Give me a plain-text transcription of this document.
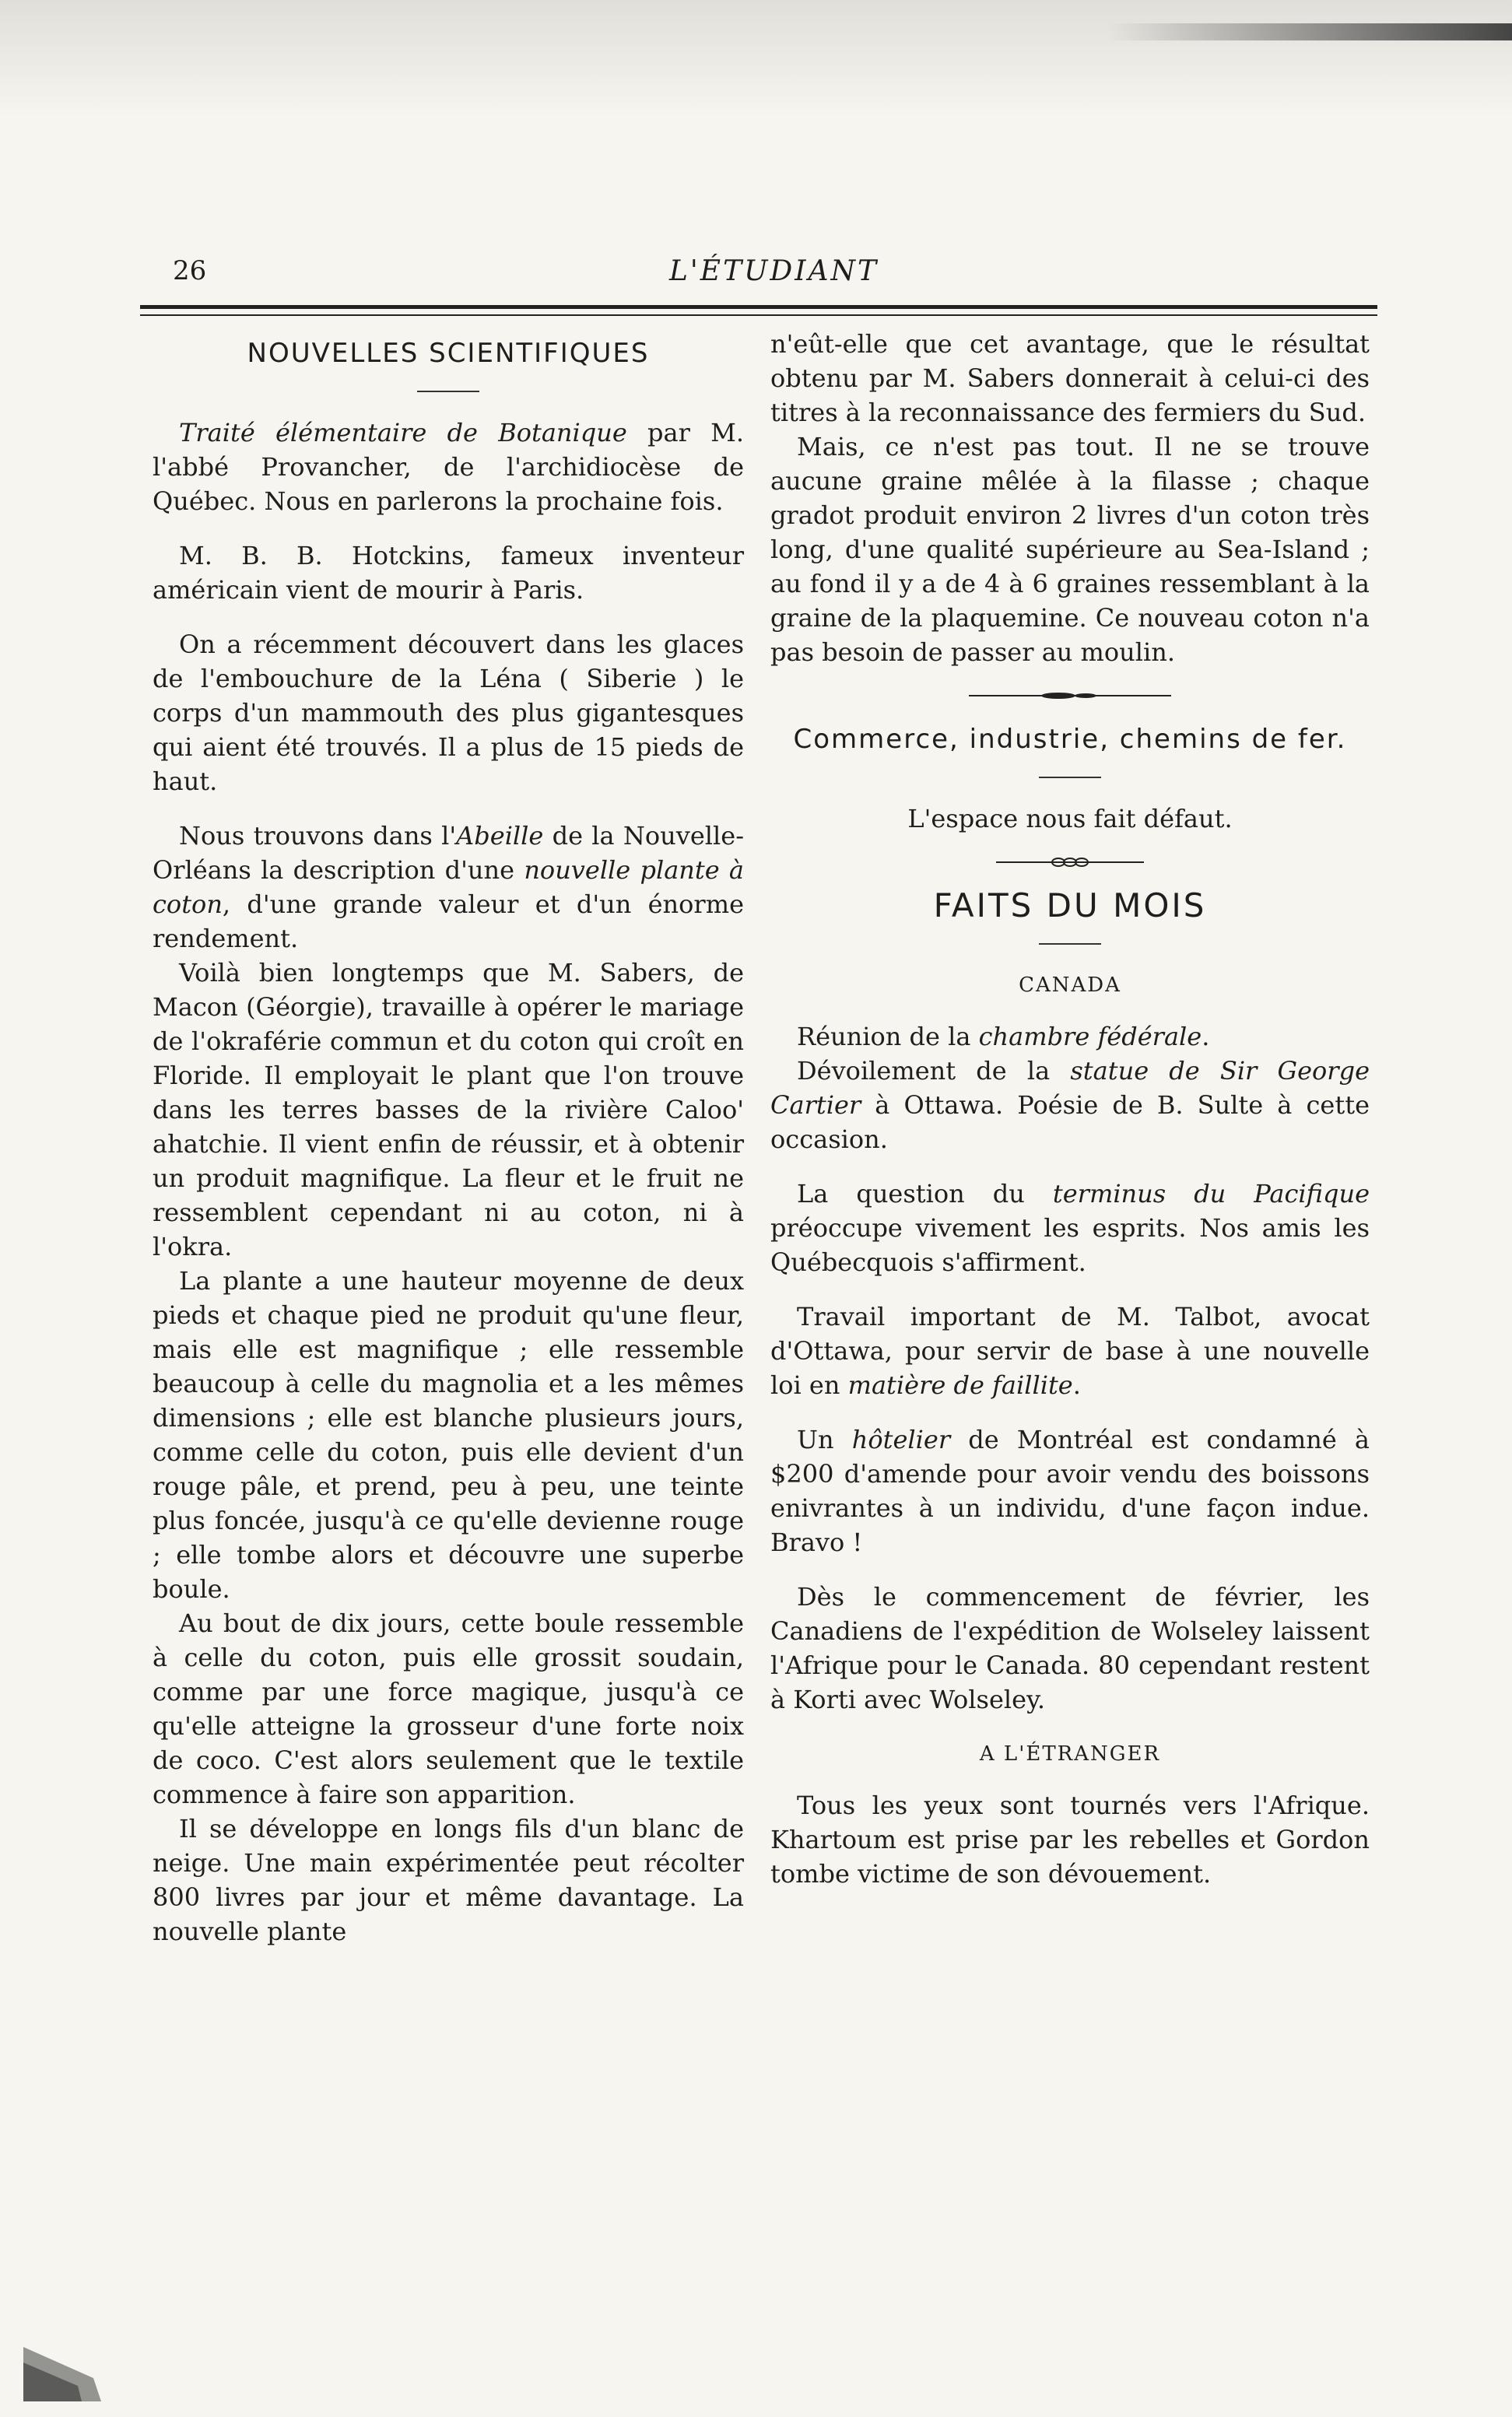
26	L'ÉTUDIANT
NOUVELLES SCIENTIFIQUES

Traité élémentaire de Botanique par M. l'abbé Provancher, de l'archidiocèse de Québec. Nous en parlerons la prochaine fois.

M. B. B. Hotckins, fameux inventeur américain vient de mourir à Paris.

On a récemment découvert dans les glaces de l'embouchure de la Léna ( Siberie ) le corps d'un mammouth des plus gigantesques qui aient été trouvés. Il a plus de 15 pieds de haut.

Nous trouvons dans l'Abeille de la Nouvelle-Orléans la description d'une nouvelle plante à coton, d'une grande valeur et d'un énorme rendement.

Voilà bien longtemps que M. Sabers, de Macon (Géorgie), travaille à opérer le mariage de l'okraférie commun et du coton qui croît en Floride. Il employait le plant que l'on trouve dans les terres basses de la rivière Caloo' ahatchie. Il vient enfin de réussir, et à obtenir un produit magnifique. La fleur et le fruit ne ressemblent cependant ni au coton, ni à l'okra.

La plante a une hauteur moyenne de deux pieds et chaque pied ne produit qu'une fleur, mais elle est magnifique ; elle ressemble beaucoup à celle du magnolia et a les mêmes dimensions ; elle est blanche plusieurs jours, comme celle du coton, puis elle devient d'un rouge pâle, et prend, peu à peu, une teinte plus foncée, jusqu'à ce qu'elle devienne rouge ; elle tombe alors et découvre une superbe boule.

Au bout de dix jours, cette boule ressemble à celle du coton, puis elle grossit soudain, comme par une force magique, jusqu'à ce qu'elle atteigne la grosseur d'une forte noix de coco. C'est alors seulement que le textile commence à faire son apparition.

Il se développe en longs fils d'un blanc de neige. Une main expérimentée peut récolter 800 livres par jour et même davantage. La nouvelle plante

n'eût-elle que cet avantage, que le résultat obtenu par M. Sabers donnerait à celui-ci des titres à la reconnaissance des fermiers du Sud.

Mais, ce n'est pas tout. Il ne se trouve aucune graine mêlée à la filasse ; chaque gradot produit environ 2 livres d'un coton très long, d'une qualité supérieure au Sea-Island ; au fond il y a de 4 à 6 graines ressemblant à la graine de la plaquemine. Ce nouveau coton n'a pas besoin de passer au moulin.

Commerce, industrie, chemins de fer.

L'espace nous fait défaut.

FAITS DU MOIS
CANADA

Réunion de la chambre fédérale.

Dévoilement de la statue de Sir George Cartier à Ottawa. Poésie de B. Sulte à cette occasion.

La question du terminus du Pacifique préoccupe vivement les esprits. Nos amis les Québecquois s'affirment.

Travail important de M. Talbot, avocat d'Ottawa, pour servir de base à une nouvelle loi en matière de faillite.

Un hôtelier de Montréal est condamné à $200 d'amende pour avoir vendu des boissons enivrantes à un individu, d'une façon indue. Bravo !

Dès le commencement de février, les Canadiens de l'expédition de Wolseley laissent l'Afrique pour le Canada. 80 cependant restent à Korti avec Wolseley.

A L'ÉTRANGER

Tous les yeux sont tournés vers l'Afrique. Khartoum est prise par les rebelles et Gordon tombe victime de son dévouement.
